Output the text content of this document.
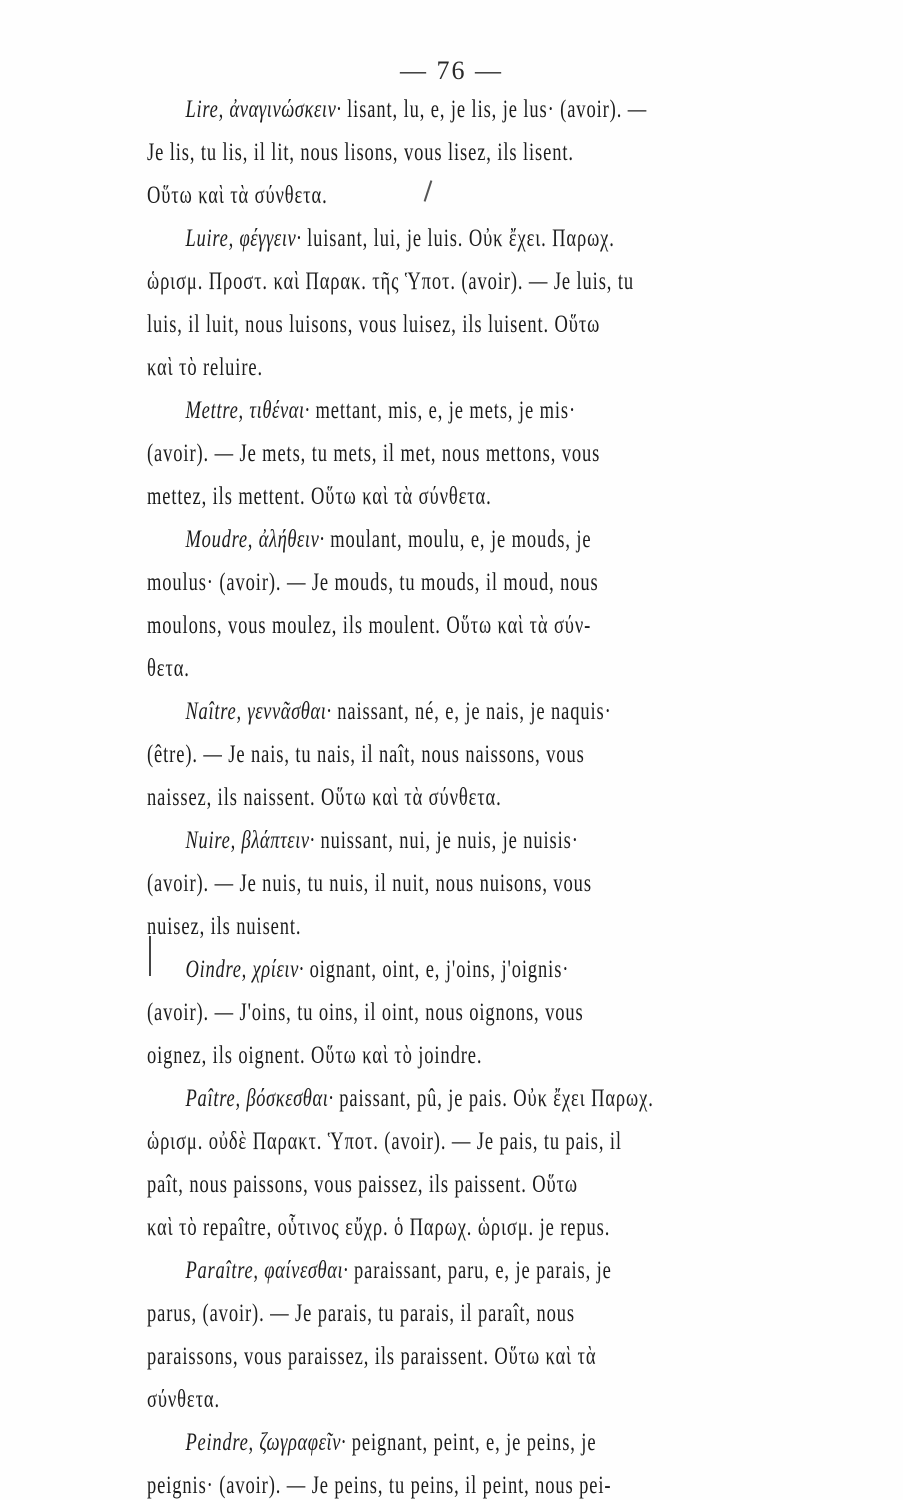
— 76 —
Lire, ἀναγινώσκειν· lisant, lu, e, je lis, je lus· (avoir). —
Je lis, tu lis, il lit, nous lisons, vous lisez, ils lisent.
Οὕτω καὶ τὰ σύνθετα.
Luire, φέγγειν· luisant, lui, je luis. Οὐκ ἔχει. Παρωχ.
ὡρισμ. Προστ. καὶ Παρακ. τῆς Ὑποτ. (avoir). — Je luis, tu
luis, il luit, nous luisons, vous luisez, ils luisent. Οὕτω
καὶ τὸ reluire.
Mettre, τιθέναι· mettant, mis, e, je mets, je mis·
(avoir). — Je mets, tu mets, il met, nous mettons, vous
mettez, ils mettent. Οὕτω καὶ τὰ σύνθετα.
Moudre, ἀλήθειν· moulant, moulu, e, je mouds, je
moulus· (avoir). — Je mouds, tu mouds, il moud, nous
moulons, vous moulez, ils moulent. Οὕτω καὶ τὰ σύν-
θετα.
Naître, γεννᾶσθαι· naissant, né, e, je nais, je naquis·
(être). — Je nais, tu nais, il naît, nous naissons, vous
naissez, ils naissent. Οὕτω καὶ τὰ σύνθετα.
Nuire, βλάπτειν· nuissant, nui, je nuis, je nuisis·
(avoir). — Je nuis, tu nuis, il nuit, nous nuisons, vous
nuisez, ils nuisent.
Oindre, χρίειν· oignant, oint, e, j'oins, j'oignis·
(avoir). — J'oins, tu oins, il oint, nous oignons, vous
oignez, ils oignent. Οὕτω καὶ τὸ joindre.
Paître, βόσκεσθαι· paissant, pû, je pais. Οὐκ ἔχει Παρωχ.
ὡρισμ. οὐδὲ Παρακτ. Ὑποτ. (avoir). — Je pais, tu pais, il
paît, nous paissons, vous paissez, ils paissent. Οὕτω
καὶ τὸ repaître, οὗτινος εὔχρ. ὁ Παρωχ. ὡρισμ. je repus.
Paraître, φαίνεσθαι· paraissant, paru, e, je parais, je
parus, (avoir). — Je parais, tu parais, il paraît, nous
paraissons, vous paraissez, ils paraissent. Οὕτω καὶ τὰ
σύνθετα.
Peindre, ζωγραφεῖν· peignant, peint, e, je peins, je
peignis· (avoir). — Je peins, tu peins, il peint, nous pei-
